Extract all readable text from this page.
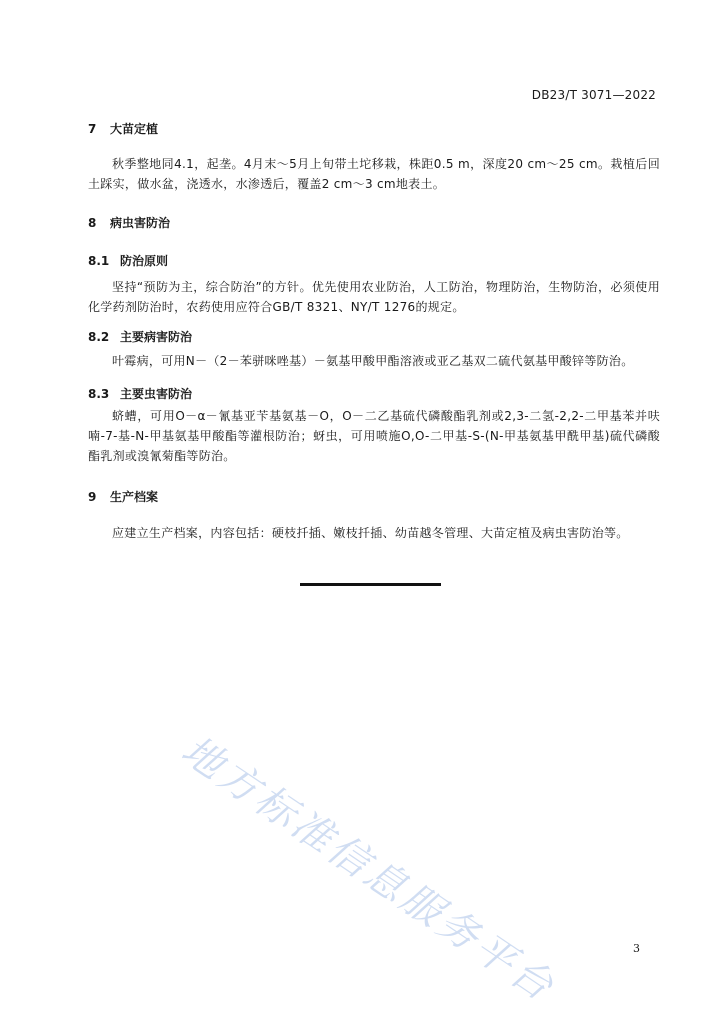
DB23/T 3071—2022
7 大苗定植
秋季整地同4.1，起垄。4月末～5月上旬带土坨移栽，株距0.5 m，深度20 cm～25 cm。栽植后回土踩实，做水盆，浇透水，水渗透后，覆盖2 cm～3 cm地表土。
8 病虫害防治
8.1 防治原则
坚持“预防为主，综合防治”的方针。优先使用农业防治，人工防治，物理防治，生物防治，必须使用化学药剂防治时，农药使用应符合GB/T 8321、NY/T 1276的规定。
8.2 主要病害防治
叶霉病，可用N－（2－苯骈咪唑基）－氨基甲酸甲酯溶液或亚乙基双二硫代氨基甲酸锌等防治。
8.3 主要虫害防治
蛴螬，可用O－α－氰基亚苄基氨基－O，O－二乙基硫代磷酸酯乳剂或2,3-二氢-2,2-二甲基苯并呋喃-7-基-N-甲基氨基甲酸酯等灌根防治；蚜虫，可用喷施O,O-二甲基-S-(N-甲基氨基甲酰甲基)硫代磷酸酯乳剂或溴氰菊酯等防治。
9 生产档案
应建立生产档案，内容包括：硬枝扦插、嫩枝扦插、幼苗越冬管理、大苗定植及病虫害防治等。
地方标准信息服务平台	3
